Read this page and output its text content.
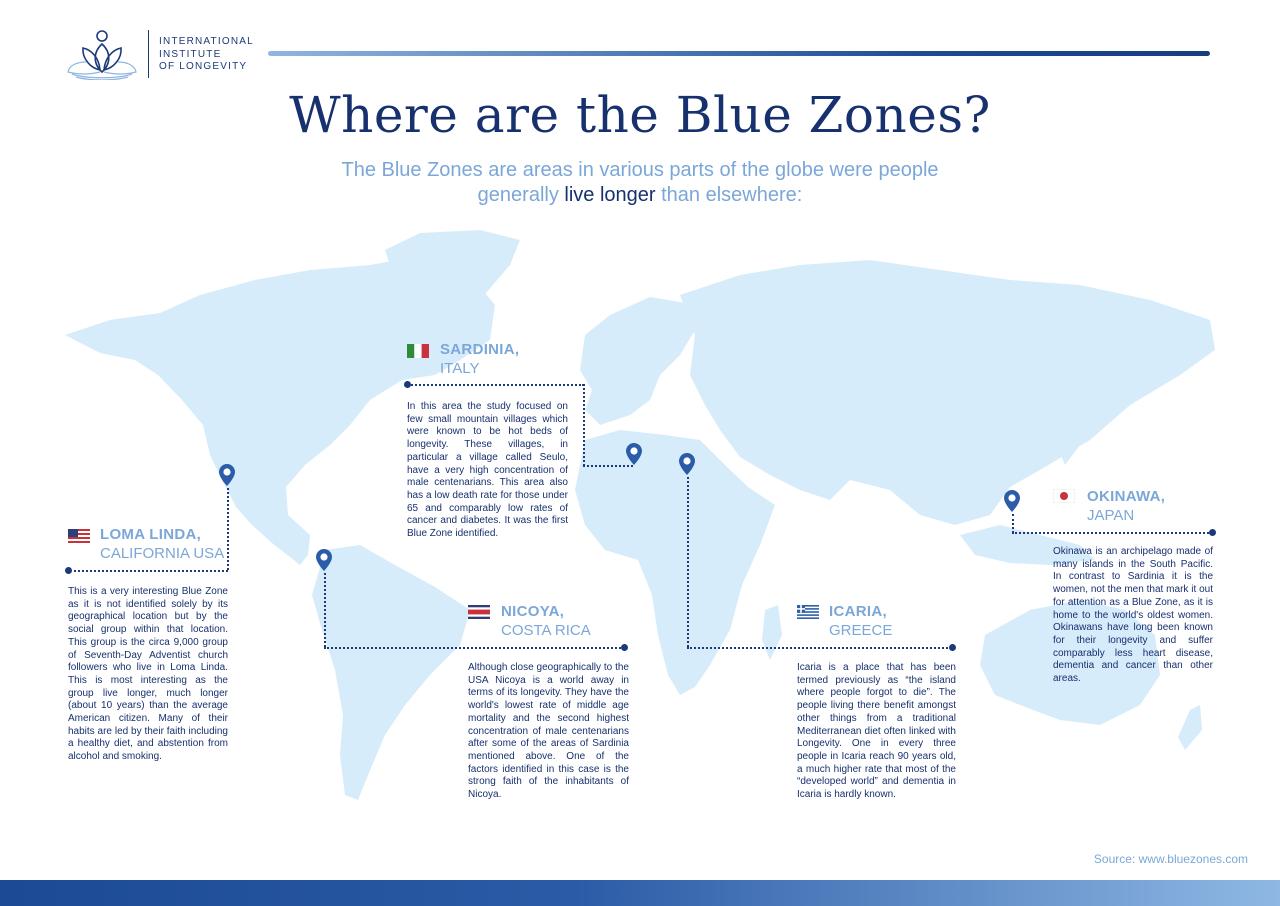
INTERNATIONAL
INSTITUTE
OF LONGEVITY
Where are the Blue Zones?
The Blue Zones are areas in various parts of the globe were people
generally live longer than elsewhere:
LOMA LINDA,
CALIFORNIA USA
This is a very interesting Blue Zone as it is not identified solely by its geographical location but by the social group within that location. This group is the circa 9,000 group of Seventh-Day Adventist church followers who live in Loma Linda. This is most interesting as the group live longer, much longer (about 10 years) than the average American citizen. Many of their habits are led by their faith including a healthy diet, and abstention from alcohol and smoking.
SARDINIA,
ITALY
In this area the study focused on few small mountain villages which were known to be hot beds of longevity. These villages, in particular a village called Seulo, have a very high concentration of male centenarians. This area also has a low death rate for those under 65 and comparably low rates of cancer and diabetes. It was the first Blue Zone identified.
NICOYA,
COSTA RICA
Although close geographically to the USA Nicoya is a world away in terms of its longevity. They have the world's lowest rate of middle age mortality and the second highest concentration of male centenarians after some of the areas of Sardinia mentioned above. One of the factors identified in this case is the strong faith of the inhabitants of Nicoya.
ICARIA,
GREECE
Icaria is a place that has been termed previously as “the island where people forgot to die”. The people living there benefit amongst other things from a traditional Mediterranean diet often linked with Longevity. One in every three people in Icaria reach 90 years old, a much higher rate that most of the “developed world” and dementia in Icaria is hardly known.
OKINAWA,
JAPAN
Okinawa is an archipelago made of many islands in the South Pacific. In contrast to Sardinia it is the women, not the men that mark it out for attention as a Blue Zone, as it is home to the world's oldest women. Okinawans have long been known for their longevity and suffer comparably less heart disease, dementia and cancer than other areas.
Source: www.bluezones.com
